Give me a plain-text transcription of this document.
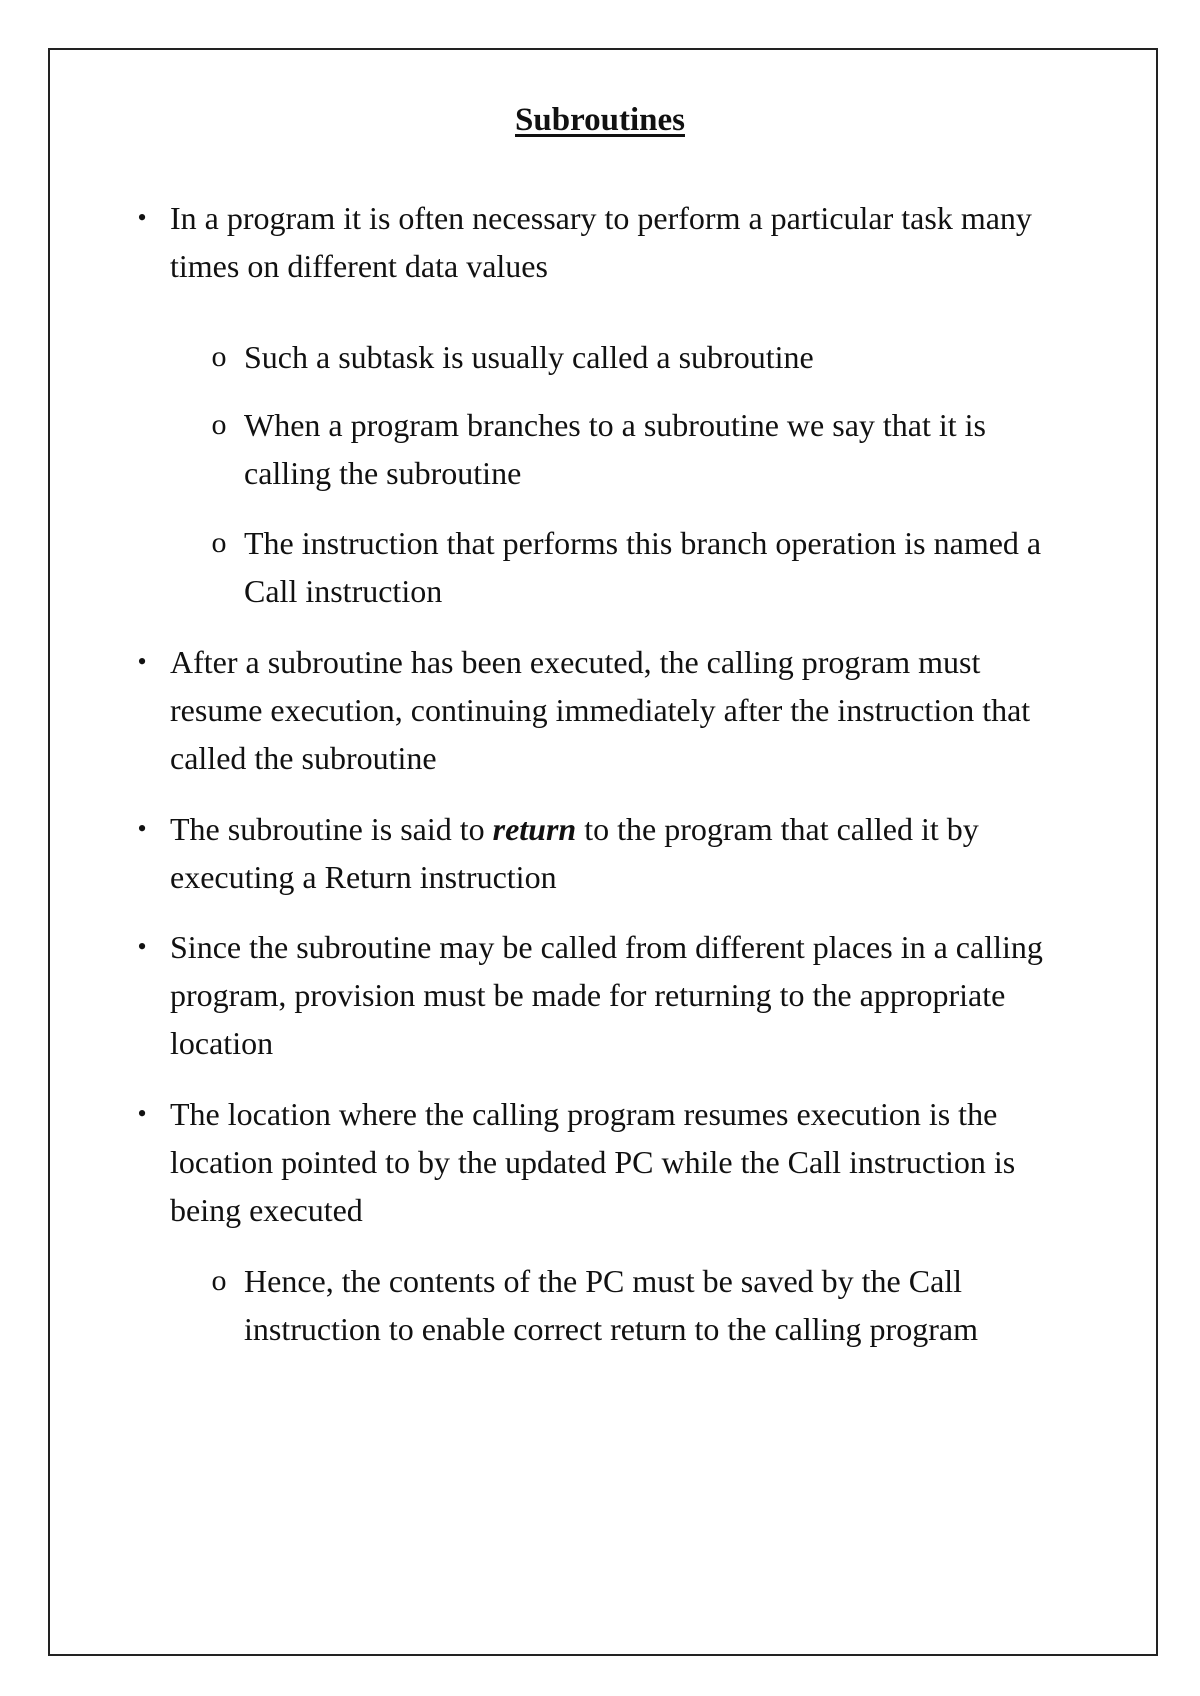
Subroutines
• In a program it is often necessary to perform a particular task many times on different data values
o Such a subtask is usually called a subroutine
o When a program branches to a subroutine we say that it is calling the subroutine
o The instruction that performs this branch operation is named a Call instruction
• After a subroutine has been executed, the calling program must resume execution, continuing immediately after the instruction that called the subroutine
• The subroutine is said to return to the program that called it by executing a Return instruction
• Since the subroutine may be called from different places in a calling program, provision must be made for returning to the appropriate location
• The location where the calling program resumes execution is the location pointed to by the updated PC while the Call instruction is being executed
o Hence, the contents of the PC must be saved by the Call instruction to enable correct return to the calling program
